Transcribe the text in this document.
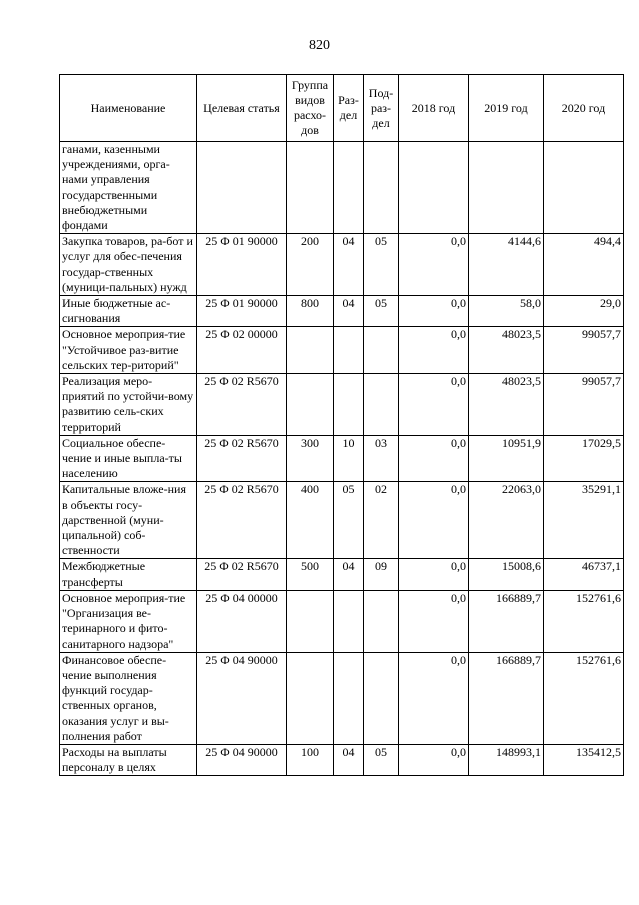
820
Наименование	Целевая статья	Группа видов расхо-дов	Раз-дел	Под-раз-дел	2018 год	2019 год	2020 год

ганами, казенными учреждениями, орга-нами управления государственными внебюджетными фондами							
Закупка товаров, ра-бот и услуг для обес-печения государ-ственных (муници-пальных) нужд	25 Ф 01 90000	200	04	05	0,0	4144,6	494,4
Иные бюджетные ас-сигнования	25 Ф 01 90000	800	04	05	0,0	58,0	29,0
Основное мероприя-тие "Устойчивое раз-витие сельских тер-риторий"	25 Ф 02 00000				0,0	48023,5	99057,7
Реализация меро-приятий по устойчи-вому развитию сель-ских территорий	25 Ф 02 R5670				0,0	48023,5	99057,7
Социальное обеспе-чение и иные выпла-ты населению	25 Ф 02 R5670	300	10	03	0,0	10951,9	17029,5
Капитальные вложе-ния в объекты госу-дарственной (муни-ципальной) соб-ственности	25 Ф 02 R5670	400	05	02	0,0	22063,0	35291,1
Межбюджетные трансферты	25 Ф 02 R5670	500	04	09	0,0	15008,6	46737,1
Основное мероприя-тие "Организация ве-теринарного и фито-санитарного надзора"	25 Ф 04 00000				0,0	166889,7	152761,6
Финансовое обеспе-чение выполнения функций государ-ственных органов, оказания услуг и вы-полнения работ	25 Ф 04 90000				0,0	166889,7	152761,6
Расходы на выплаты персоналу в целях	25 Ф 04 90000	100	04	05	0,0	148993,1	135412,5
